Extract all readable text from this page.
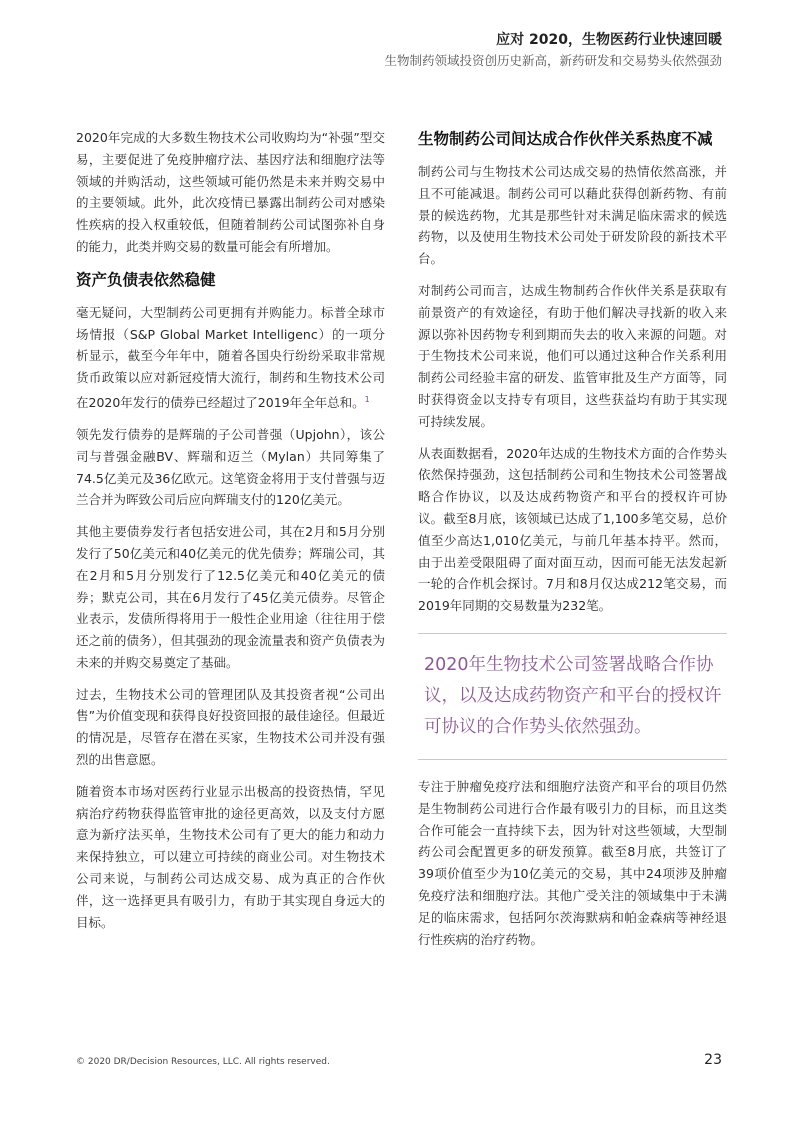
应对 2020，生物医药行业快速回暖
生物制药领域投资创历史新高，新药研发和交易势头依然强劲

2020年完成的大多数生物技术公司收购均为“补强”型交易，主要促进了免疫肿瘤疗法、基因疗法和细胞疗法等领域的并购活动，这些领域可能仍然是未来并购交易中的主要领域。此外，此次疫情已暴露出制药公司对感染性疾病的投入权重较低，但随着制药公司试图弥补自身的能力，此类并购交易的数量可能会有所增加。

资产负债表依然稳健

毫无疑问，大型制药公司更拥有并购能力。标普全球市场情报（S&P Global Market Intelligenc）的一项分析显示，截至今年年中，随着各国央行纷纷采取非常规货币政策以应对新冠疫情大流行，制药和生物技术公司在2020年发行的债券已经超过了2019年全年总和。$^1$

领先发行债券的是辉瑞的子公司普强（Upjohn），该公司与普强金融BV、辉瑞和迈兰（Mylan）共同筹集了74.5亿美元及36亿欧元。这笔资金将用于支付普强与迈兰合并为晖致公司后应向辉瑞支付的120亿美元。

其他主要债券发行者包括安进公司，其在2月和5月分别发行了50亿美元和40亿美元的优先债券；辉瑞公司，其在2月和5月分别发行了12.5亿美元和40亿美元的债券；默克公司，其在6月发行了45亿美元债券。尽管企业表示，发债所得将用于一般性企业用途（往往用于偿还之前的债务），但其强劲的现金流量表和资产负债表为未来的并购交易奠定了基础。

过去，生物技术公司的管理团队及其投资者视“公司出售”为价值变现和获得良好投资回报的最佳途径。但最近的情况是，尽管存在潜在买家，生物技术公司并没有强烈的出售意愿。

随着资本市场对医药行业显示出极高的投资热情，罕见病治疗药物获得监管审批的途径更高效，以及支付方愿意为新疗法买单，生物技术公司有了更大的能力和动力来保持独立，可以建立可持续的商业公司。对生物技术公司来说，与制药公司达成交易、成为真正的合作伙伴，这一选择更具有吸引力，有助于其实现自身远大的目标。

生物制药公司间达成合作伙伴关系热度不减

制药公司与生物技术公司达成交易的热情依然高涨，并且不可能减退。制药公司可以藉此获得创新药物、有前景的候选药物，尤其是那些针对未满足临床需求的候选药物，以及使用生物技术公司处于研发阶段的新技术平台。

对制药公司而言，达成生物制药合作伙伴关系是获取有前景资产的有效途径，有助于他们解决寻找新的收入来源以弥补因药物专利到期而失去的收入来源的问题。对于生物技术公司来说，他们可以通过这种合作关系利用制药公司经验丰富的研发、监管审批及生产方面等，同时获得资金以支持专有项目，这些获益均有助于其实现可持续发展。

从表面数据看，2020年达成的生物技术方面的合作势头依然保持强劲，这包括制药公司和生物技术公司签署战略合作协议，以及达成药物资产和平台的授权许可协议。截至8月底，该领域已达成了1,100多笔交易，总价值至少高达1,010亿美元，与前几年基本持平。然而，由于出差受限阻碍了面对面互动，因而可能无法发起新一轮的合作机会探讨。7月和8月仅达成212笔交易，而2019年同期的交易数量为232笔。

2020年生物技术公司签署战略合作协议，以及达成药物资产和平台的授权许可协议的合作势头依然强劲。

专注于肿瘤免疫疗法和细胞疗法资产和平台的项目仍然是生物制药公司进行合作最有吸引力的目标，而且这类合作可能会一直持续下去，因为针对这些领域，大型制药公司会配置更多的研发预算。截至8月底，共签订了39项价值至少为10亿美元的交易，其中24项涉及肿瘤免疫疗法和细胞疗法。其他广受关注的领域集中于未满足的临床需求，包括阿尔茨海默病和帕金森病等神经退行性疾病的治疗药物。

© 2020 DR/Decision Resources, LLC. All rights reserved.	23
